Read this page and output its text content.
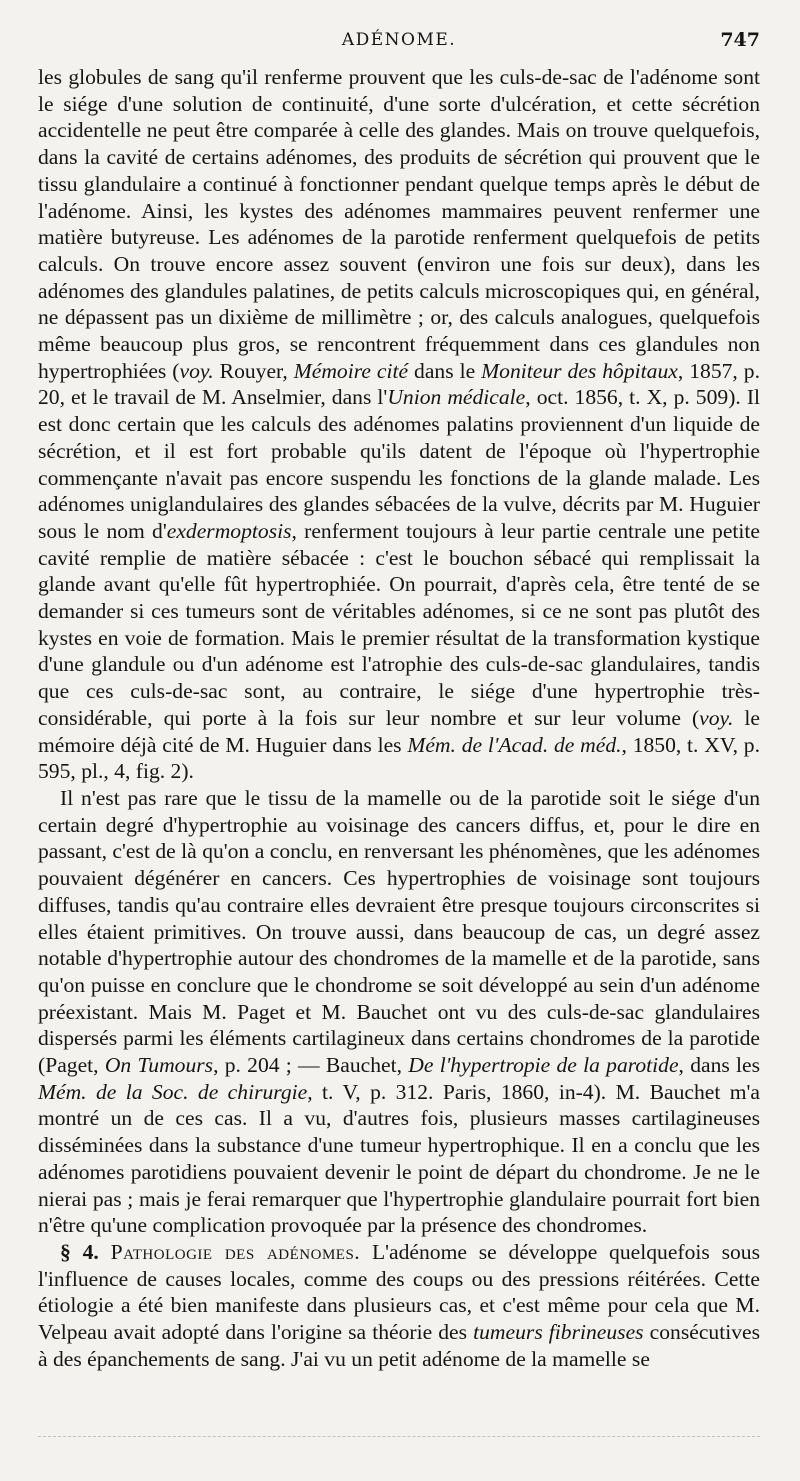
ADÉNOME.	747

les globules de sang qu'il renferme prouvent que les culs-de-sac de l'adénome sont le siége d'une solution de continuité, d'une sorte d'ulcération, et cette sécrétion accidentelle ne peut être comparée à celle des glandes. Mais on trouve quelquefois, dans la cavité de certains adénomes, des produits de sécrétion qui prouvent que le tissu glandulaire a continué à fonctionner pendant quelque temps après le début de l'adénome. Ainsi, les kystes des adénomes mammaires peuvent renfermer une matière butyreuse. Les adénomes de la parotide renferment quelquefois de petits calculs. On trouve encore assez souvent (environ une fois sur deux), dans les adénomes des glandules palatines, de petits calculs microscopiques qui, en général, ne dépassent pas un dixième de millimètre ; or, des calculs analogues, quelquefois même beaucoup plus gros, se rencontrent fréquemment dans ces glandules non hypertrophiées (voy. Rouyer, Mémoire cité dans le Moniteur des hôpitaux, 1857, p. 20, et le travail de M. Anselmier, dans l'Union médicale, oct. 1856, t. X, p. 509). Il est donc certain que les calculs des adénomes palatins proviennent d'un liquide de sécrétion, et il est fort probable qu'ils datent de l'époque où l'hypertrophie commençante n'avait pas encore suspendu les fonctions de la glande malade. Les adénomes uniglandulaires des glandes sébacées de la vulve, décrits par M. Huguier sous le nom d'exdermoptosis, renferment toujours à leur partie centrale une petite cavité remplie de matière sébacée : c'est le bouchon sébacé qui remplissait la glande avant qu'elle fût hypertrophiée. On pourrait, d'après cela, être tenté de se demander si ces tumeurs sont de véritables adénomes, si ce ne sont pas plutôt des kystes en voie de formation. Mais le premier résultat de la transformation kystique d'une glandule ou d'un adénome est l'atrophie des culs-de-sac glandulaires, tandis que ces culs-de-sac sont, au contraire, le siége d'une hypertrophie très-considérable, qui porte à la fois sur leur nombre et sur leur volume (voy. le mémoire déjà cité de M. Huguier dans les Mém. de l'Acad. de méd., 1850, t. XV, p. 595, pl., 4, fig. 2).

Il n'est pas rare que le tissu de la mamelle ou de la parotide soit le siége d'un certain degré d'hypertrophie au voisinage des cancers diffus, et, pour le dire en passant, c'est de là qu'on a conclu, en renversant les phénomènes, que les adénomes pouvaient dégénérer en cancers. Ces hypertrophies de voisinage sont toujours diffuses, tandis qu'au contraire elles devraient être presque toujours circonscrites si elles étaient primitives. On trouve aussi, dans beaucoup de cas, un degré assez notable d'hypertrophie autour des chondromes de la mamelle et de la parotide, sans qu'on puisse en conclure que le chondrome se soit développé au sein d'un adénome préexistant. Mais M. Paget et M. Bauchet ont vu des culs-de-sac glandulaires dispersés parmi les éléments cartilagineux dans certains chondromes de la parotide (Paget, On Tumours, p. 204 ; — Bauchet, De l'hypertropie de la parotide, dans les Mém. de la Soc. de chirurgie, t. V, p. 312. Paris, 1860, in-4). M. Bauchet m'a montré un de ces cas. Il a vu, d'autres fois, plusieurs masses cartilagineuses disséminées dans la substance d'une tumeur hypertrophique. Il en a conclu que les adénomes parotidiens pouvaient devenir le point de départ du chondrome. Je ne le nierai pas ; mais je ferai remarquer que l'hypertrophie glandulaire pourrait fort bien n'être qu'une complication provoquée par la présence des chondromes.

§ 4. Pathologie des adénomes. L'adénome se développe quelquefois sous l'influence de causes locales, comme des coups ou des pressions réitérées. Cette étiologie a été bien manifeste dans plusieurs cas, et c'est même pour cela que M. Velpeau avait adopté dans l'origine sa théorie des tumeurs fibrineuses consécutives à des épanchements de sang. J'ai vu un petit adénome de la mamelle se
